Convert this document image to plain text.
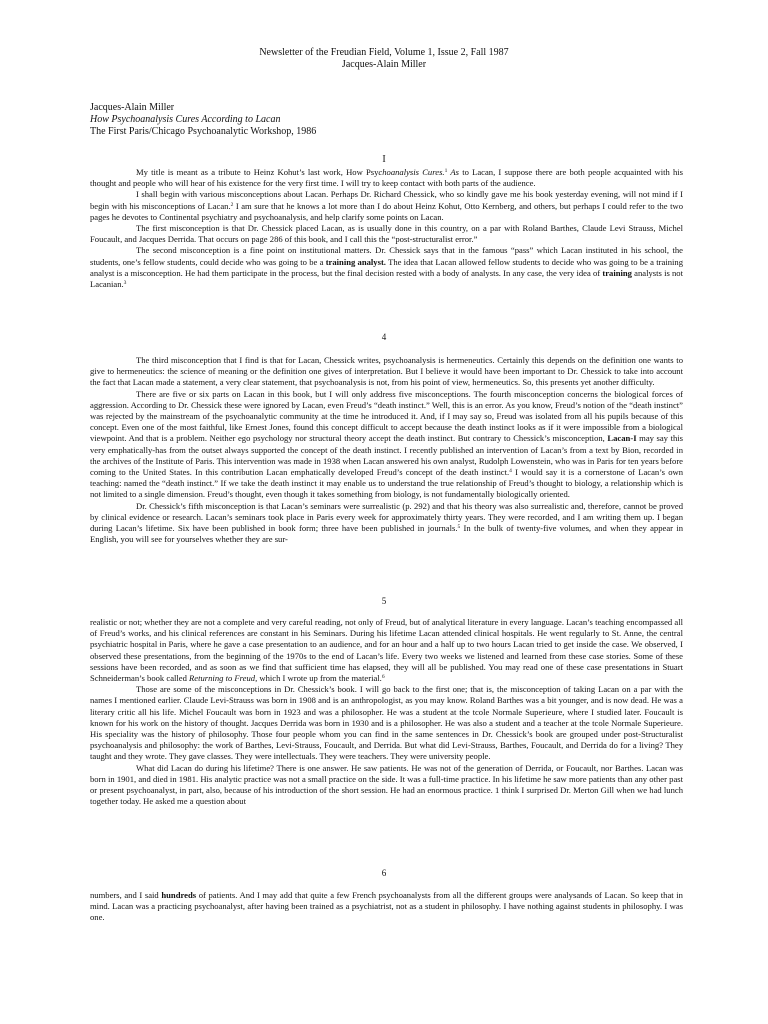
Newsletter of the Freudian Field, Volume 1, Issue 2, Fall 1987
Jacques-Alain Miller
Jacques-Alain Miller
How Psychoanalysis Cures According to Lacan
The First Paris/Chicago Psychoanalytic Workshop, 1986
I

My title is meant as a tribute to Heinz Kohut’s last work, How Psychoanalysis Cures.$^1$ As to Lacan, I suppose there are both people acquainted with his thought and people who will hear of his existence for the very first time. I will try to keep contact with both parts of the audience.

I shall begin with various misconceptions about Lacan. Perhaps Dr. Richard Chessick, who so kindly gave me his book yesterday evening, will not mind if I begin with his misconceptions of Lacan.$^2$ I am sure that he knows a lot more than I do about Heinz Kohut, Otto Kernberg, and others, but perhaps I could refer to the two pages he devotes to Continental psychiatry and psychoanalysis, and help clarify some points on Lacan.

The first misconception is that Dr. Chessick placed Lacan, as is usually done in this country, on a par with Roland Barthes, Claude Levi Strauss, Michel Foucault, and Jacques Derrida. That occurs on page 286 of this book, and I call this the “post-structuralist error.”

The second misconception is a fine point on institutional matters. Dr. Chessick says that in the famous “pass” which Lacan instituted in his school, the students, one’s fellow students, could decide who was going to be a training analyst. The idea that Lacan allowed fellow students to decide who was going to be a training analyst is a misconception. He had them participate in the process, but the final decision rested with a body of analysts. In any case, the very idea of training analysts is not Lacanian.$^3$

4

The third misconception that I find is that for Lacan, Chessick writes, psychoanalysis is hermeneutics. Certainly this depends on the definition one wants to give to hermeneutics: the science of meaning or the definition one gives of interpretation. But I believe it would have been important to Dr. Chessick to take into account the fact that Lacan made a statement, a very clear statement, that psychoanalysis is not, from his point of view, hermeneutics. So, this presents yet another difficulty.

There are five or six parts on Lacan in this book, but I will only address five misconceptions. The fourth misconception concerns the biological forces of aggression. According to Dr. Chessick these were ignored by Lacan, even Freud’s “death instinct.” Well, this is an error. As you know, Freud’s notion of the “death instinct” was rejected by the mainstream of the psychoanalytic community at the time he introduced it. And, if I may say so, Freud was isolated from all his pupils because of this concept. Even one of the most faithful, like Ernest Jones, found this concept difficult to accept because the death instinct looks as if it were impossible from a biological viewpoint. And that is a problem. Neither ego psychology nor structural theory accept the death instinct. But contrary to Chessick’s misconception, Lacan-I may say this very emphatically-has from the outset always supported the concept of the death instinct. I recently published an intervention of Lacan’s from a text by Bion, recorded in the archives of the Institute of Paris. This intervention was made in 1938 when Lacan answered his own analyst, Rudolph Lowenstein, who was in Paris for ten years before coming to the United States. In this contribution Lacan emphatically developed Freud’s concept of the death instinct.$^4$ I would say it is a cornerstone of Lacan’s own teaching: named the “death instinct.” If we take the death instinct it may enable us to understand the true relationship of Freud’s thought to biology, a relationship which is not limited to a single dimension. Freud’s thought, even though it takes something from biology, is not fundamentally biologically oriented.

Dr. Chessick’s fifth misconception is that Lacan’s seminars were surrealistic (p. 292) and that his theory was also surrealistic and, therefore, cannot be proved by clinical evidence or research. Lacan’s seminars took place in Paris every week for approximately thirty years. They were recorded, and I am writing them up. I began during Lacan’s lifetime. Six have been published in book form; three have been published in journals.$^5$ In the bulk of twenty-five volumes, and when they appear in English, you will see for yourselves whether they are sur-

5

realistic or not; whether they are not a complete and very careful reading, not only of Freud, but of analytical literature in every language. Lacan’s teaching encompassed all of Freud’s works, and his clinical references are constant in his Seminars. During his lifetime Lacan attended clinical hospitals. He went regularly to St. Anne, the central psychiatric hospital in Paris, where he gave a case presentation to an audience, and for an hour and a half up to two hours Lacan tried to get inside the case. We observed, I observed these presentations, from the beginning of the 1970s to the end of Lacan’s life. Every two weeks we listened and learned from these case stories. Some of these sessions have been recorded, and as soon as we find that sufficient time has elapsed, they will all be published. You may read one of these case presentations in Stuart Schneiderman’s book called Returning to Freud, which I wrote up from the material.$^6$

Those are some of the misconceptions in Dr. Chessick’s book. I will go back to the first one; that is, the misconception of taking Lacan on a par with the names I mentioned earlier. Claude Levi-Strauss was born in 1908 and is an anthropologist, as you may know. Roland Barthes was a bit younger, and is now dead. He was a literary critic all his life. Michel Foucault was born in 1923 and was a philosopher. He was a student at the tcole Normale Superieure, where I studied later. Foucault is known for his work on the history of thought. Jacques Derrida was born in 1930 and is a philosopher. He was also a student and a teacher at the tcole Normale Superieure. His speciality was the history of philosophy. Those four people whom you can find in the same sentences in Dr. Chessick’s book are grouped under post-Structuralist psychoanalysis and philosophy: the work of Barthes, Levi-Strauss, Foucault, and Derrida. But what did Levi-Strauss, Barthes, Foucault, and Derrida do for a living? They taught and they wrote. They gave classes. They were intellectuals. They were teachers. They were university people.

What did Lacan do during his lifetime? There is one answer. He saw patients. He was not of the generation of Derrida, or Foucault, nor Barthes. Lacan was born in 1901, and died in 1981. His analytic practice was not a small practice on the side. It was a full-time practice. In his lifetime he saw more patients than any other past or present psychoanalyst, in part, also, because of his introduction of the short session. He had an enormous practice. 1 think I surprised Dr. Merton Gill when we had lunch together today. He asked me a question about

6

numbers, and I said hundreds of patients. And I may add that quite a few French psychoanalysts from all the different groups were analysands of Lacan. So keep that in mind. Lacan was a practicing psychoanalyst, after having been trained as a psychiatrist, not as a student in philosophy. I have nothing against students in philosophy. I was one.
